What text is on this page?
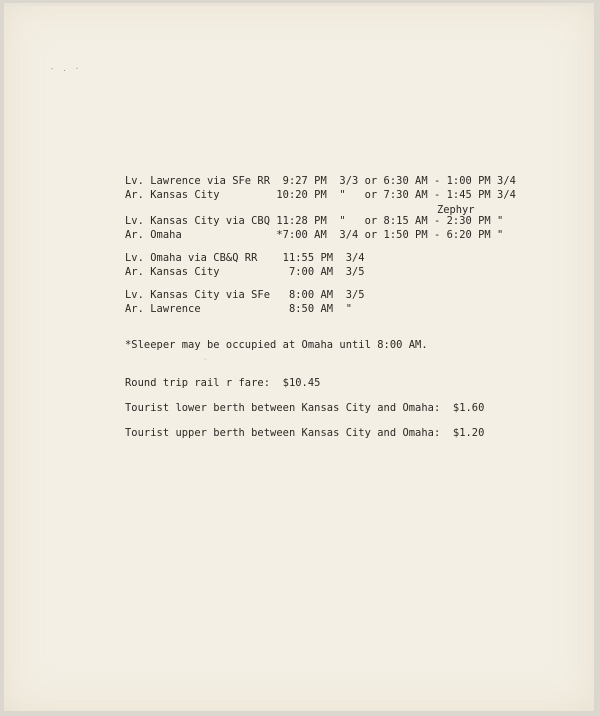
- . ·
‸
Lv. Lawrence via SFe RR  9:27 PM  3/3 or 6:30 AM - 1:00 PM 3/4
Ar. Kansas City         10:20 PM  "   or 7:30 AM - 1:45 PM 3/4
Zephyr
Lv. Kansas City via CBQ 11:28 PM  "   or 8:15 AM - 2:30 PM "
Ar. Omaha               *7:00 AM  3/4 or 1:50 PM - 6:20 PM "
Lv. Omaha via CB&Q RR    11:55 PM  3/4
Ar. Kansas City           7:00 AM  3/5
Lv. Kansas City via SFe   8:00 AM  3/5
Ar. Lawrence              8:50 AM  "
*Sleeper may be occupied at Omaha until 8:00 AM.
Round trip rail r fare:  $10.45
Tourist lower berth between Kansas City and Omaha:  $1.60
Tourist upper berth between Kansas City and Omaha:  $1.20
